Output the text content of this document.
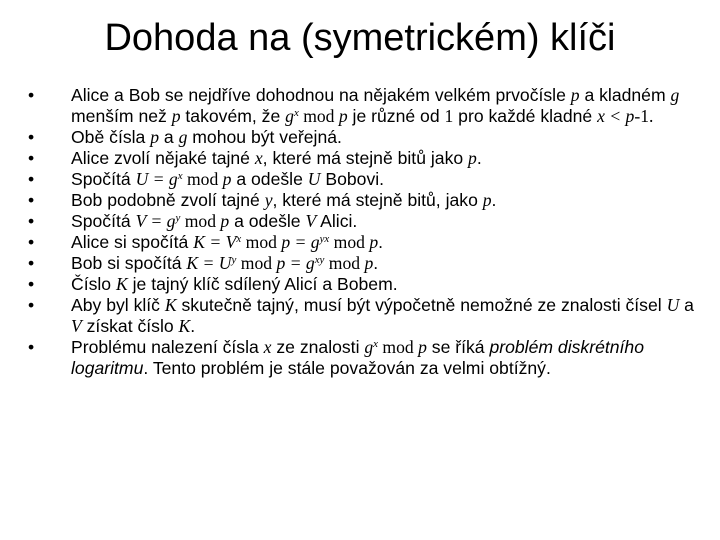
Dohoda na (symetrickém) klíči
•	Alice a Bob se nejdříve dohodnou na nějakém velkém prvočísle p a kladném g menším než p takovém, že $g^x$ mod p je různé od 1 pro každé kladné x < p-1.
•	Obě čísla p a g mohou být veřejná.
•	Alice zvolí nějaké tajné x, které má stejně bitů jako p.
•	Spočítá $U = g^x$ mod p a odešle U Bobovi.
•	Bob podobně zvolí tajné y, které má stejně bitů, jako p.
•	Spočítá $V = g^y$ mod p a odešle V Alici.
•	Alice si spočítá $K = V^x$ mod $p = g^{yx}$ mod p.
•	Bob si spočítá $K = U^y$ mod $p = g^{xy}$ mod p.
•	Číslo K je tajný klíč sdílený Alicí a Bobem.
•	Aby byl klíč K skutečně tajný, musí být výpočetně nemožné ze znalosti čísel U a V získat číslo K.
•	Problému nalezení čísla x ze znalosti $g^x$ mod p se říká problém diskrétního logaritmu. Tento problém je stále považován za velmi obtížný.
